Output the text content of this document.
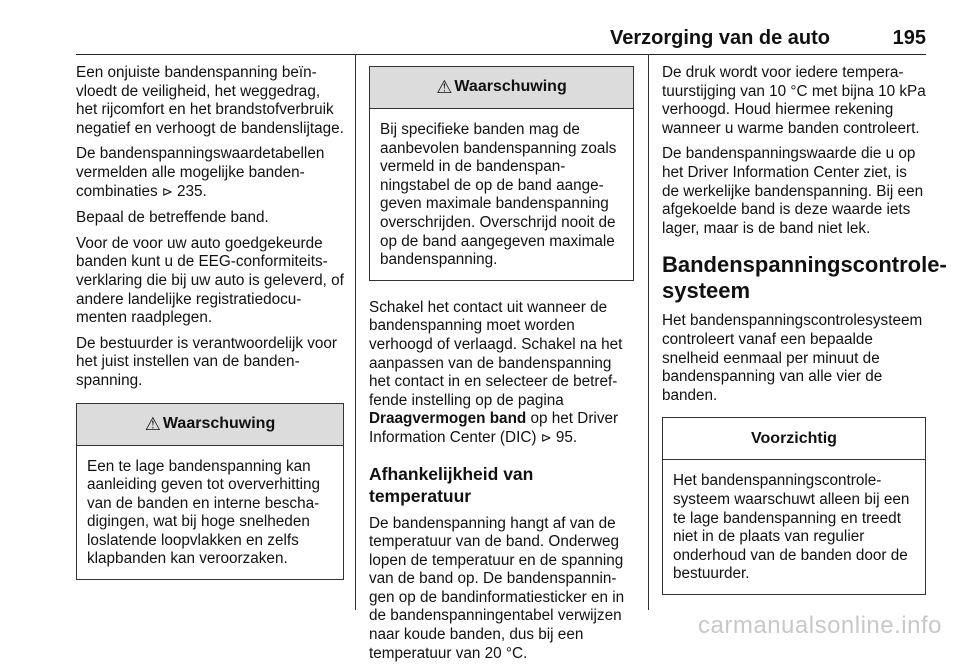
Verzorging van de auto	195

Een onjuiste bandenspanning beïnvloedt de veiligheid, het weggedrag, het rijcomfort en het brandstofverbruik negatief en verhoogt de bandenslijtage.

De bandenspanningswaardetabellen vermelden alle mogelijke bandencombinaties ⊳ 235.

Bepaal de betreffende band.

Voor de voor uw auto goedgekeurde banden kunt u de EEG-conformiteitsverklaring die bij uw auto is geleverd, of andere landelijke registratiedocumenten raadplegen.

De bestuurder is verantwoordelijk voor het juist instellen van de bandenspanning.

⚠ Waarschuwing
Een te lage bandenspanning kan aanleiding geven tot oververhitting van de banden en interne beschadigingen, wat bij hoge snelheden loslatende loopvlakken en zelfs klapbanden kan veroorzaken.
⚠ Waarschuwing
Bij specifieke banden mag de aanbevolen bandenspanning zoals vermeld in de bandenspanningstabel de op de band aangegeven maximale bandenspanning overschrijden. Overschrijd nooit de op de band aangegeven maximale bandenspanning.

Schakel het contact uit wanneer de bandenspanning moet worden verhoogd of verlaagd. Schakel na het aanpassen van de bandenspanning het contact in en selecteer de betreffende instelling op de pagina Draagvermogen band op het Driver Information Center (DIC) ⊳ 95.

Afhankelijkheid van temperatuur

De bandenspanning hangt af van de temperatuur van de band. Onderweg lopen de temperatuur en de spanning van de band op. De bandenspanningen op de bandinformatiesticker en in de bandenspanningentabel verwijzen naar koude banden, dus bij een temperatuur van 20 °C.

De druk wordt voor iedere temperatuurstijging van 10 °C met bijna 10 kPa verhoogd. Houd hiermee rekening wanneer u warme banden controleert.

De bandenspanningswaarde die u op het Driver Information Center ziet, is de werkelijke bandenspanning. Bij een afgekoelde band is deze waarde iets lager, maar is de band niet lek.

Bandenspanningscontrolesysteem

Het bandenspanningscontrolesysteem controleert vanaf een bepaalde snelheid eenmaal per minuut de bandenspanning van alle vier de banden.

Voorzichtig
Het bandenspanningscontrolesysteem waarschuwt alleen bij een te lage bandenspanning en treedt niet in de plaats van regulier onderhoud van de banden door de bestuurder.
carmanualsonline.info
